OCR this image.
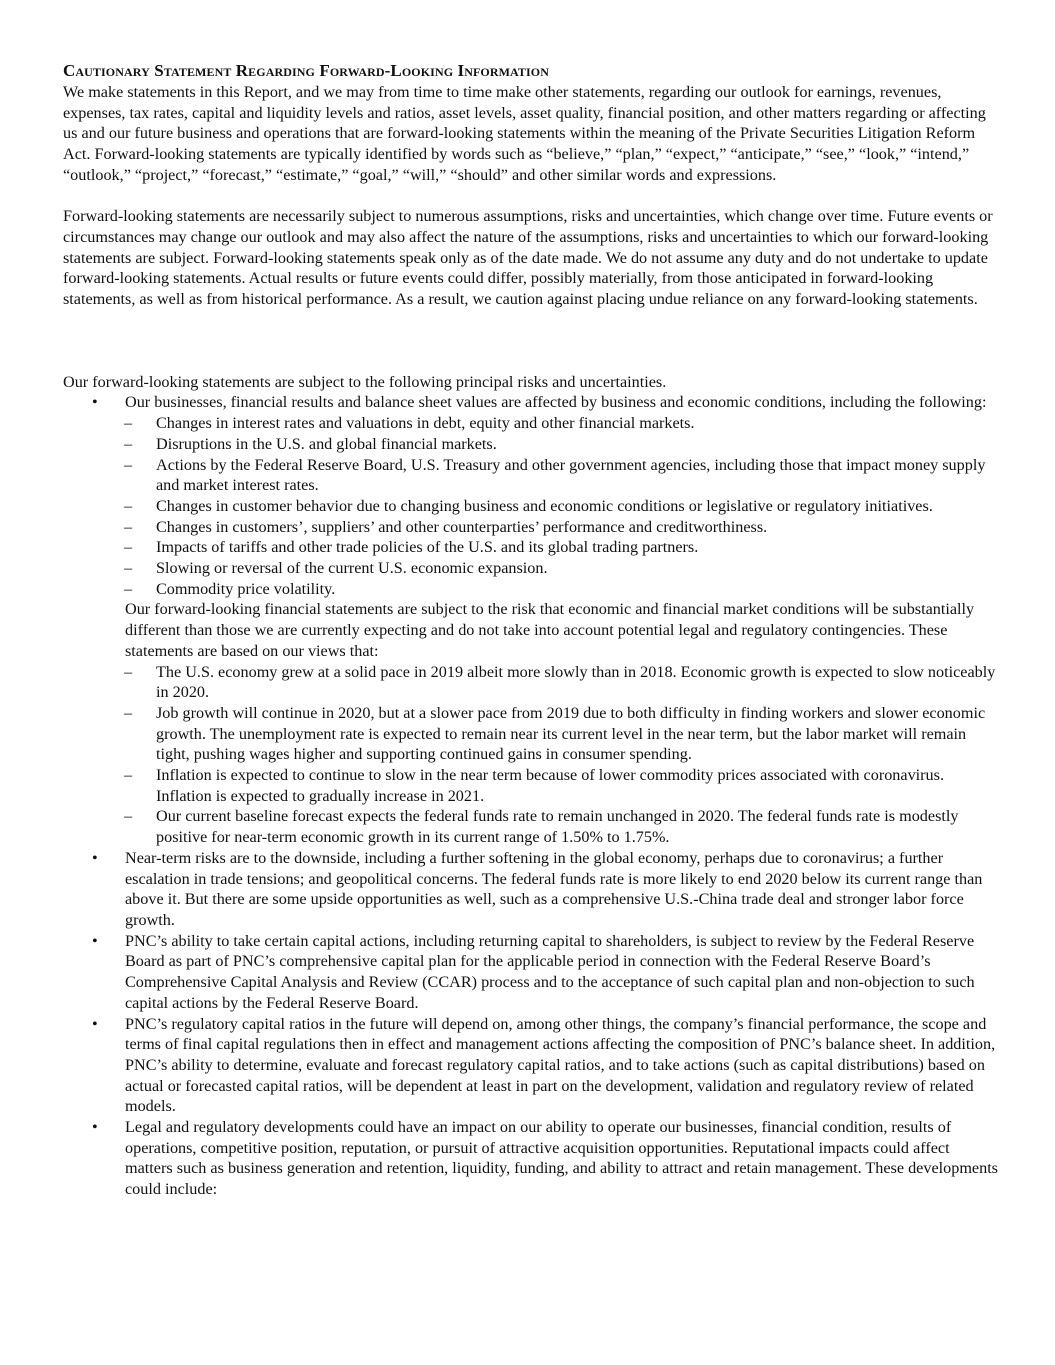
Cautionary Statement Regarding Forward-Looking Information

We make statements in this Report, and we may from time to time make other statements, regarding our outlook for earnings, revenues, expenses, tax rates, capital and liquidity levels and ratios, asset levels, asset quality, financial position, and other matters regarding or affecting us and our future business and operations that are forward-looking statements within the meaning of the Private Securities Litigation Reform Act. Forward-looking statements are typically identified by words such as “believe,” “plan,” “expect,” “anticipate,” “see,” “look,” “intend,” “outlook,” “project,” “forecast,” “estimate,” “goal,” “will,” “should” and other similar words and expressions.

Forward-looking statements are necessarily subject to numerous assumptions, risks and uncertainties, which change over time. Future events or circumstances may change our outlook and may also affect the nature of the assumptions, risks and uncertainties to which our forward-looking statements are subject. Forward-looking statements speak only as of the date made. We do not assume any duty and do not undertake to update forward-looking statements. Actual results or future events could differ, possibly materially, from those anticipated in forward-looking statements, as well as from historical performance. As a result, we caution against placing undue reliance on any forward-looking statements.

Our forward-looking statements are subject to the following principal risks and uncertainties.

• Our businesses, financial results and balance sheet values are affected by business and economic conditions, including the following:
– Changes in interest rates and valuations in debt, equity and other financial markets.
– Disruptions in the U.S. and global financial markets.
– Actions by the Federal Reserve Board, U.S. Treasury and other government agencies, including those that impact money supply and market interest rates.
– Changes in customer behavior due to changing business and economic conditions or legislative or regulatory initiatives.
– Changes in customers’, suppliers’ and other counterparties’ performance and creditworthiness.
– Impacts of tariffs and other trade policies of the U.S. and its global trading partners.
– Slowing or reversal of the current U.S. economic expansion.
– Commodity price volatility.

Our forward-looking financial statements are subject to the risk that economic and financial market conditions will be substantially different than those we are currently expecting and do not take into account potential legal and regulatory contingencies. These statements are based on our views that:

– The U.S. economy grew at a solid pace in 2019 albeit more slowly than in 2018. Economic growth is expected to slow noticeably in 2020.
– Job growth will continue in 2020, but at a slower pace from 2019 due to both difficulty in finding workers and slower economic growth. The unemployment rate is expected to remain near its current level in the near term, but the labor market will remain tight, pushing wages higher and supporting continued gains in consumer spending.
– Inflation is expected to continue to slow in the near term because of lower commodity prices associated with coronavirus. Inflation is expected to gradually increase in 2021.
– Our current baseline forecast expects the federal funds rate to remain unchanged in 2020. The federal funds rate is modestly positive for near-term economic growth in its current range of 1.50% to 1.75%.
• Near-term risks are to the downside, including a further softening in the global economy, perhaps due to coronavirus; a further escalation in trade tensions; and geopolitical concerns. The federal funds rate is more likely to end 2020 below its current range than above it. But there are some upside opportunities as well, such as a comprehensive U.S.-China trade deal and stronger labor force growth.
• PNC’s ability to take certain capital actions, including returning capital to shareholders, is subject to review by the Federal Reserve Board as part of PNC’s comprehensive capital plan for the applicable period in connection with the Federal Reserve Board’s Comprehensive Capital Analysis and Review (CCAR) process and to the acceptance of such capital plan and non-objection to such capital actions by the Federal Reserve Board.
• PNC’s regulatory capital ratios in the future will depend on, among other things, the company’s financial performance, the scope and terms of final capital regulations then in effect and management actions affecting the composition of PNC’s balance sheet. In addition, PNC’s ability to determine, evaluate and forecast regulatory capital ratios, and to take actions (such as capital distributions) based on actual or forecasted capital ratios, will be dependent at least in part on the development, validation and regulatory review of related models.
• Legal and regulatory developments could have an impact on our ability to operate our businesses, financial condition, results of operations, competitive position, reputation, or pursuit of attractive acquisition opportunities. Reputational impacts could affect matters such as business generation and retention, liquidity, funding, and ability to attract and retain management. These developments could include:
